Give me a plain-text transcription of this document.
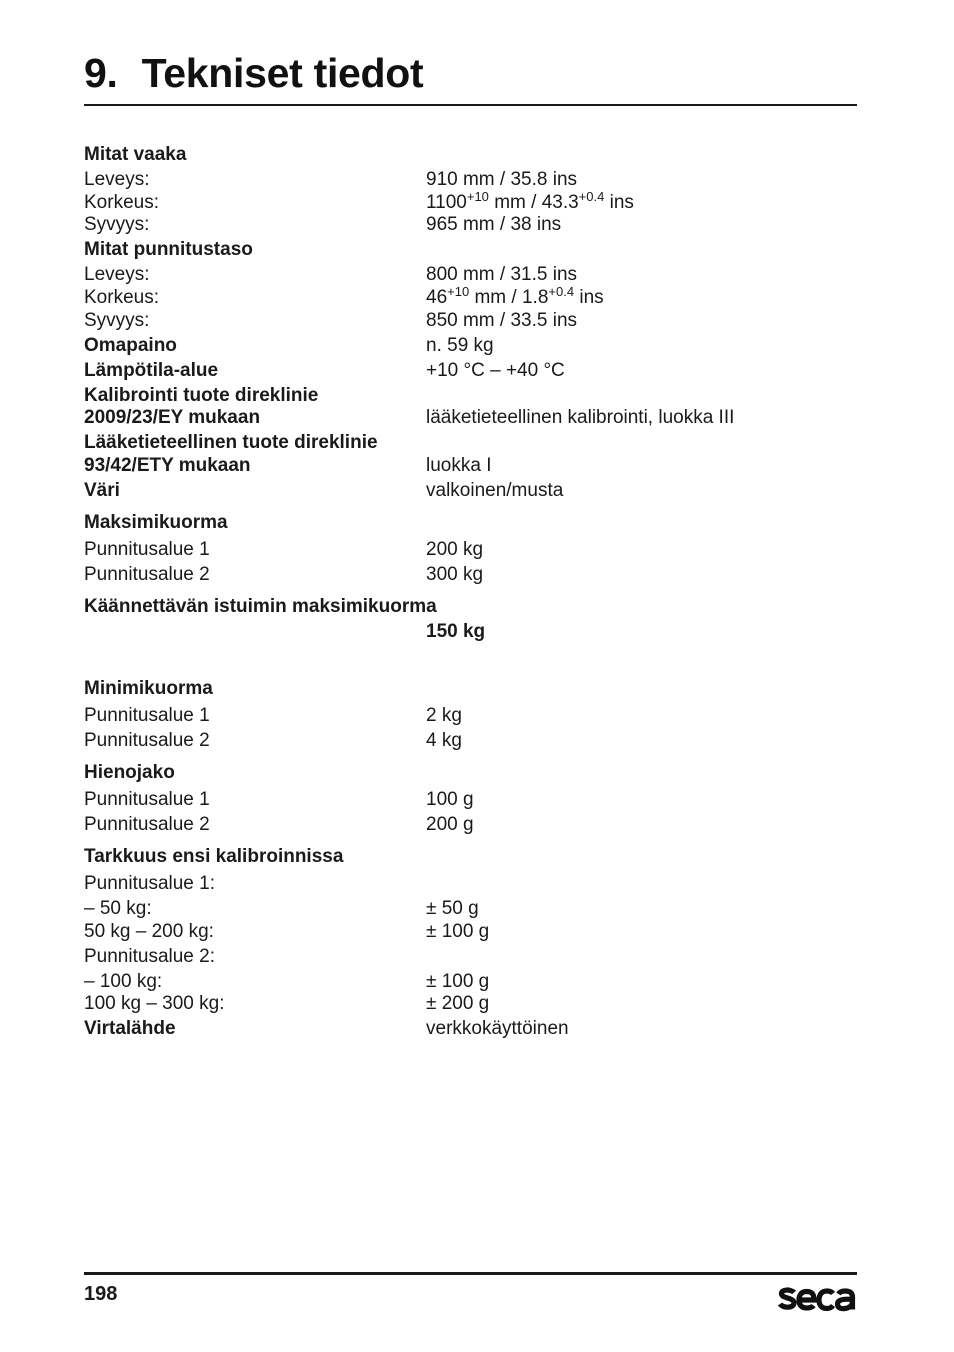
9. Tekniset tiedot
Mitat vaaka
Leveys:	910 mm / 35.8 ins
Korkeus:	$1100^{+10}$ mm / $43.3^{+0.4}$ ins
Syvyys:	965 mm / 38 ins
Mitat punnitustaso
Leveys:	800 mm / 31.5 ins
Korkeus:	$46^{+10}$ mm / $1.8^{+0.4}$ ins
Syvyys:	850 mm / 33.5 ins
Omapaino	n. 59 kg
Lämpötila-alue	+10 °C – +40 °C
Kalibrointi tuote direklinie
2009/23/EY mukaan	lääketieteellinen kalibrointi, luokka III
Lääketieteellinen tuote direklinie
93/42/ETY mukaan	luokka I
Väri	valkoinen/musta
Maksimikuorma
Punnitusalue 1	200 kg
Punnitusalue 2	300 kg
Käännettävän istuimin maksimikuorma
150 kg
Minimikuorma
Punnitusalue 1	2 kg
Punnitusalue 2	4 kg
Hienojako
Punnitusalue 1	100 g
Punnitusalue 2	200 g
Tarkkuus ensi kalibroinnissa
Punnitusalue 1:
– 50 kg:	± 50 g
50 kg – 200 kg:	± 100 g
Punnitusalue 2:
– 100 kg:	± 100 g
100 kg – 300 kg:	± 200 g
Virtalähde	verkkokäyttöinen
198
